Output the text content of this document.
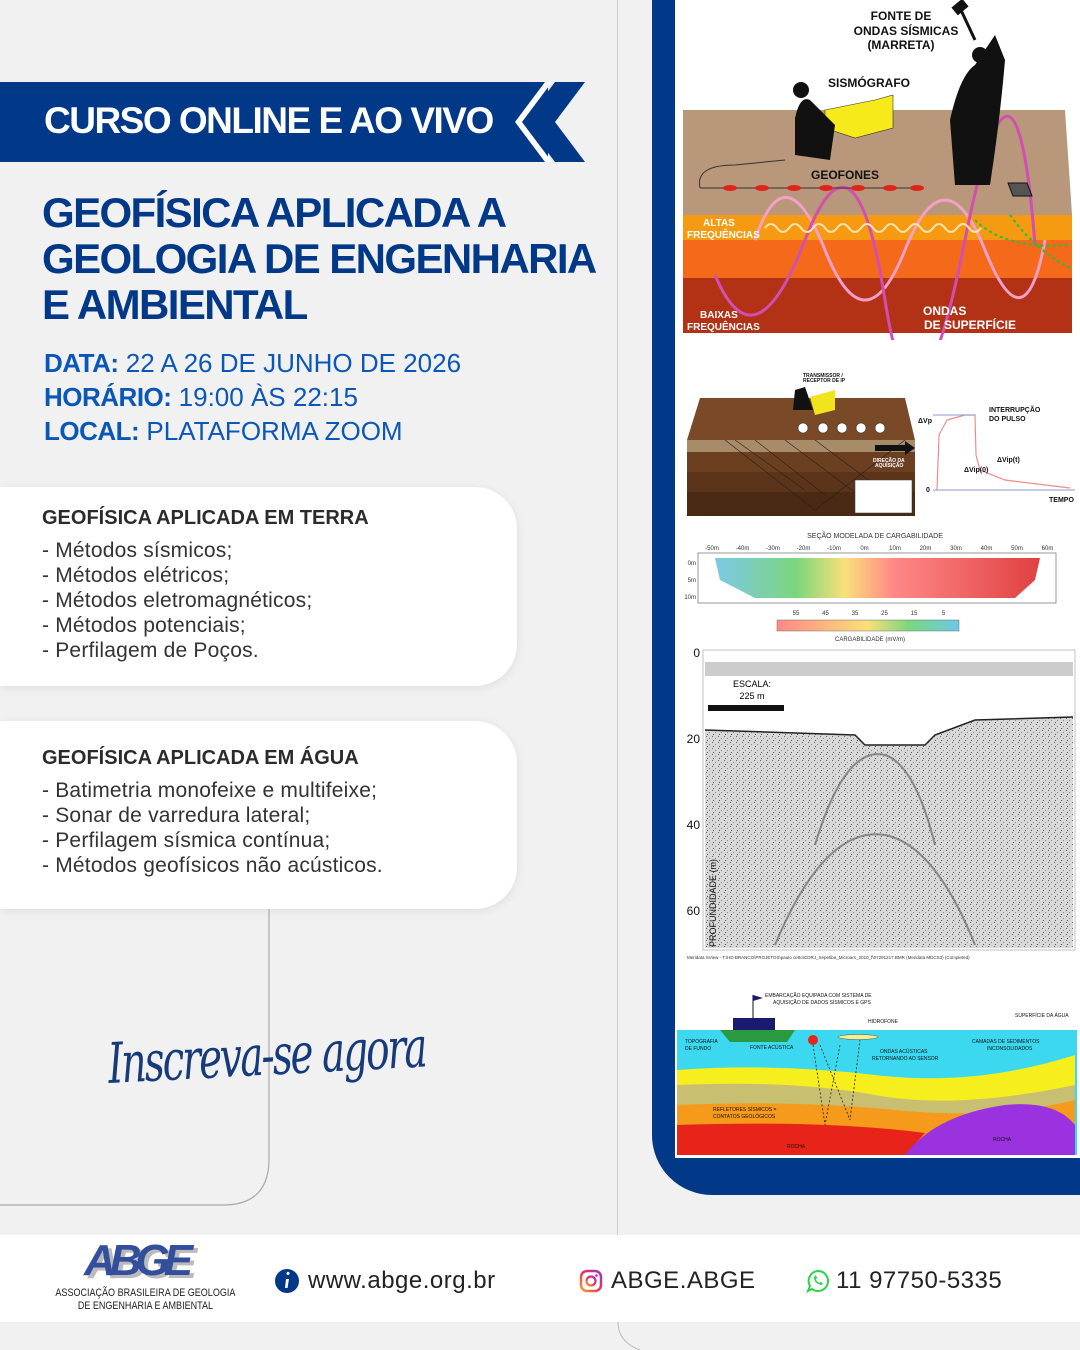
CURSO ONLINE E AO VIVO
GEOFÍSICA APLICADA A
GEOLOGIA DE ENGENHARIA
E AMBIENTAL
DATA: 22 A 26 DE JUNHO DE 2026
HORÁRIO: 19:00 ÀS 22:15
LOCAL: PLATAFORMA ZOOM
GEOFÍSICA APLICADA EM TERRA
- Métodos sísmicos;
- Métodos elétricos;
- Métodos eletromagnéticos;
- Métodos potenciais;
- Perfilagem de Poços.
GEOFÍSICA APLICADA EM ÁGUA
- Batimetria monofeixe e multifeixe;
- Sonar de varredura lateral;
- Perfilagem sísmica contínua;
- Métodos geofísicos não acústicos.
Inscreva-se agora
FONTE DE
ONDAS SÍSMICAS
(MARRETA)
SISMÓGRAFO
GEOFONES
ALTAS
FREQUÊNCIAS
BAIXAS
FREQUÊNCIAS
ONDAS
DE SUPERFÍCIE
TRANSMISSOR /
RECEPTOR DE IP
DIREÇÃO DA
AQUISIÇÃO
ΔVp
INTERRUPÇÃO
DO PULSO
ΔVip(t)
ΔVip(0)
0
TEMPO
SEÇÃO MODELADA DE CARGABILIDADE
-50m	-40m	-30m	-20m	-10m	0m	10m	20m	30m	40m	50m	60m
0m
5m
10m
55	45	35	25	15	5
CARGABILIDADE (mV/m)
0
20
40
60
ESCALA:
225 m
PROFUNDIDADE (m)
Meridata SView - T:\HD BRANCO\PROJETOS\paulo cetto\CDRJ_Sepetiba_Microars_2010_f\07291217.BMR (Meridata MDCS3) (Completed)
EMBARCAÇÃO EQUIPADA COM SISTEMA DE
AQUISIÇÃO DE DADOS SÍSMICOS E GPS
HIDROFONE
SUPERFÍCIE DA ÁGUA
TOPOGRAFIA
DE FUNDO	FONTE ACÚSTICA
ONDAS ACÚSTICAS
RETORNANDO AO SENSOR
CAMADAS DE SEDIMENTOS
INCONSOLIDADOS
REFLETORES SÍSMICOS =
CONTATOS GEOLÓGICOS
ROCHA
ROCHA
ABGE
ASSOCIAÇÃO BRASILEIRA DE GEOLOGIA
DE ENGENHARIA E AMBIENTAL
www.abge.org.br	ABGE.ABGE	11 97750-5335
